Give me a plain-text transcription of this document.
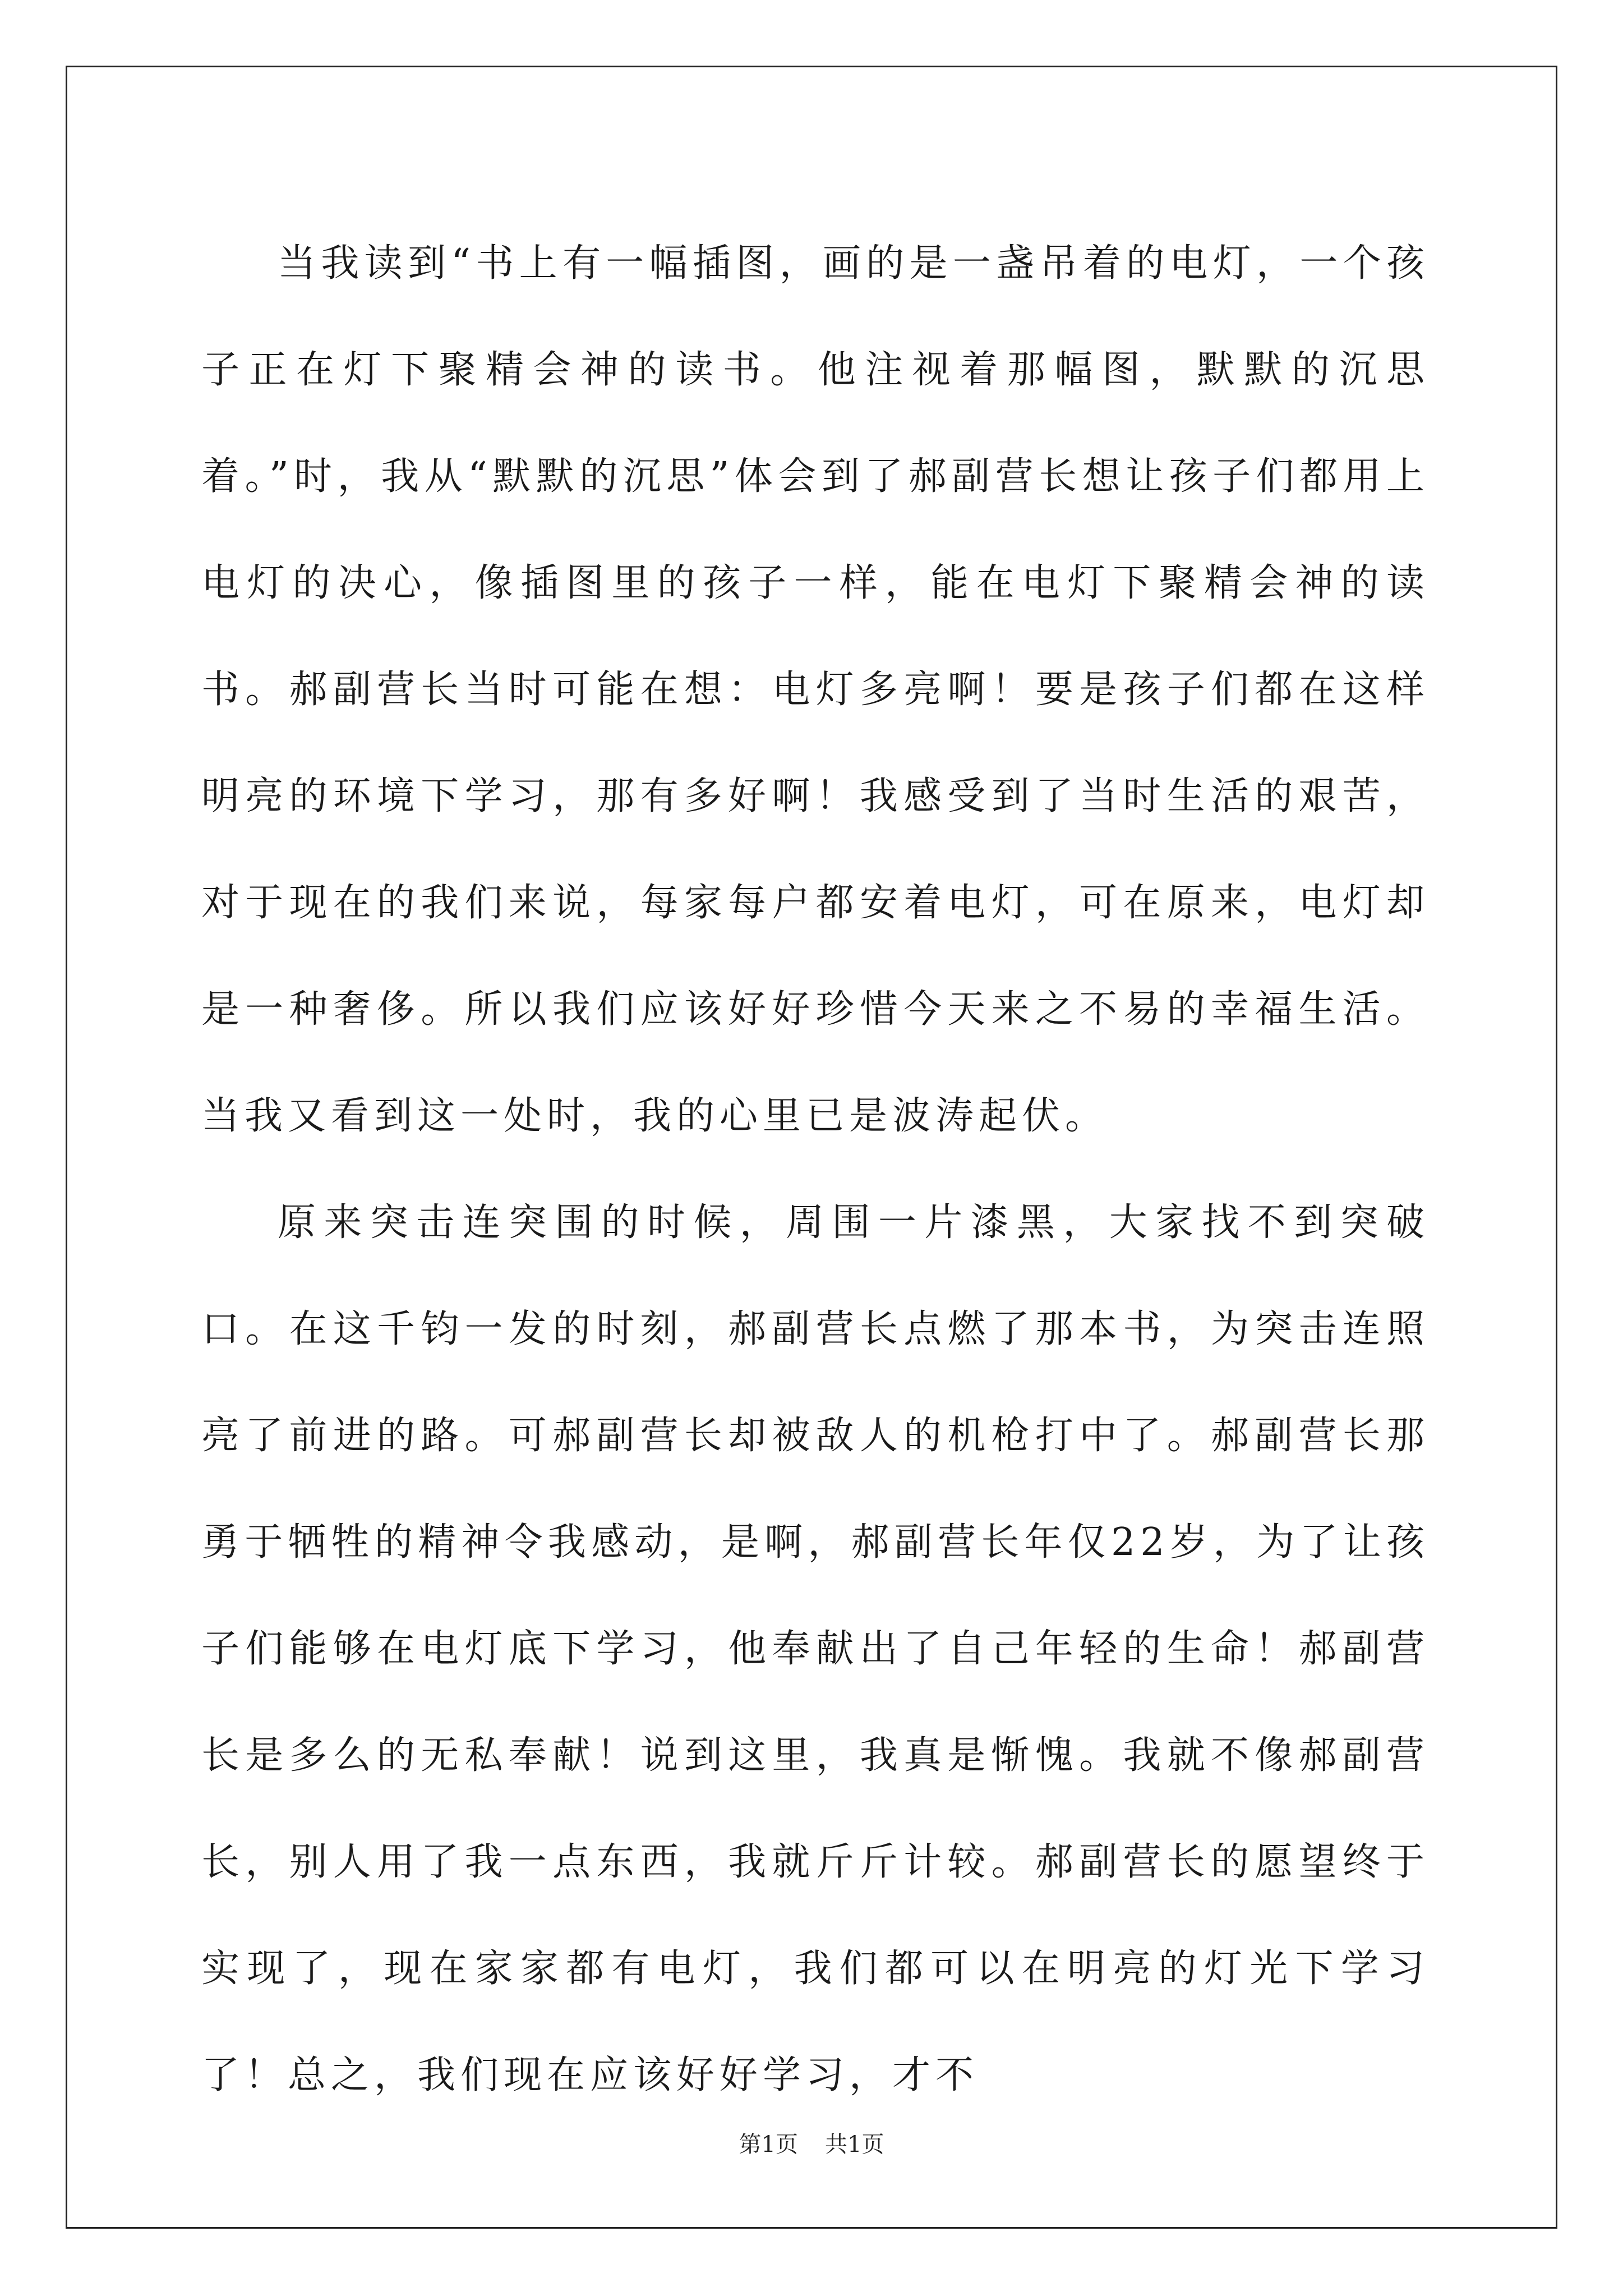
当我读到“书上有一幅插图，画的是一盏吊着的电灯，一个孩子正在灯下聚精会神的读书。他注视着那幅图，默默的沉思着。”时，我从“默默的沉思”体会到了郝副营长想让孩子们都用上电灯的决心，像插图里的孩子一样，能在电灯下聚精会神的读书。郝副营长当时可能在想：电灯多亮啊！要是孩子们都在这样明亮的环境下学习，那有多好啊！我感受到了当时生活的艰苦，对于现在的我们来说，每家每户都安着电灯，可在原来，电灯却是一种奢侈。所以我们应该好好珍惜今天来之不易的幸福生活。当我又看到这一处时，我的心里已是波涛起伏。

原来突击连突围的时候，周围一片漆黑，大家找不到突破口。在这千钧一发的时刻，郝副营长点燃了那本书，为突击连照亮了前进的路。可郝副营长却被敌人的机枪打中了。郝副营长那勇于牺牲的精神令我感动，是啊，郝副营长年仅22岁，为了让孩子们能够在电灯底下学习，他奉献出了自己年轻的生命！郝副营长是多么的无私奉献！说到这里，我真是惭愧。我就不像郝副营长，别人用了我一点东西，我就斤斤计较。郝副营长的愿望终于实现了，现在家家都有电灯，我们都可以在明亮的灯光下学习了！总之，我们现在应该好好学习，才不

第1页 共1页
